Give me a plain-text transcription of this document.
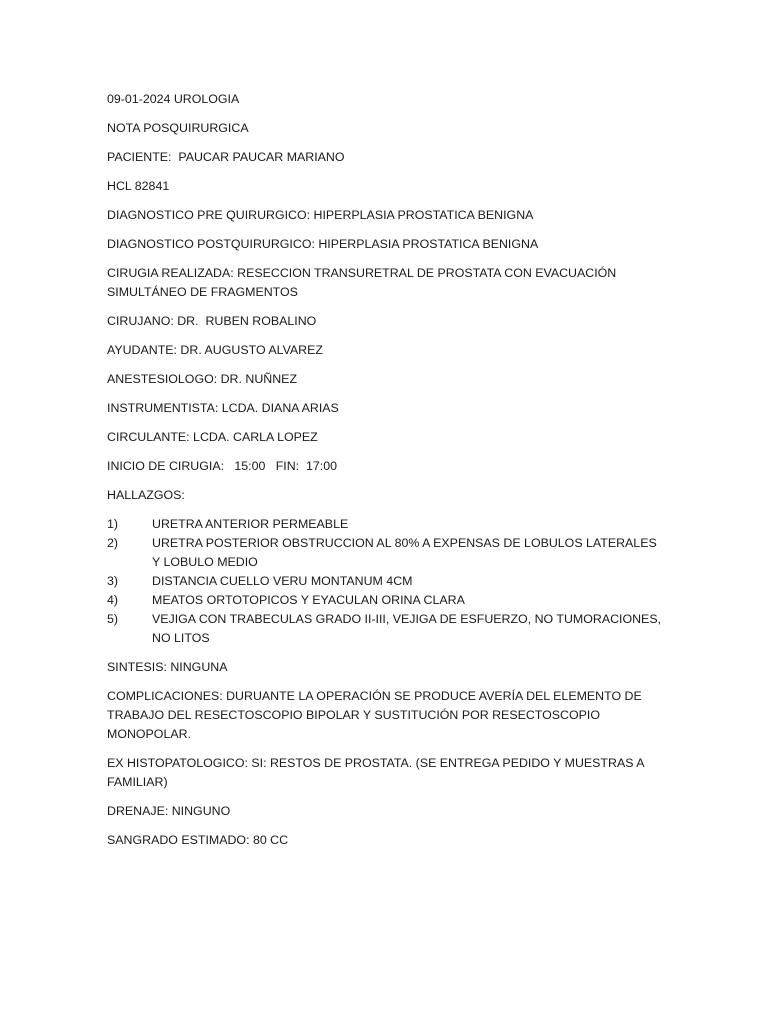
09-01-2024 UROLOGIA

NOTA POSQUIRURGICA

PACIENTE:  PAUCAR PAUCAR MARIANO

HCL 82841

DIAGNOSTICO PRE QUIRURGICO: HIPERPLASIA PROSTATICA BENIGNA

DIAGNOSTICO POSTQUIRURGICO: HIPERPLASIA PROSTATICA BENIGNA

CIRUGIA REALIZADA: RESECCION TRANSURETRAL DE PROSTATA CON EVACUACIÓN SIMULTÁNEO DE FRAGMENTOS

CIRUJANO: DR.  RUBEN ROBALINO

AYUDANTE: DR. AUGUSTO ALVAREZ

ANESTESIOLOGO: DR. NUÑNEZ

INSTRUMENTISTA: LCDA. DIANA ARIAS

CIRCULANTE: LCDA. CARLA LOPEZ

INICIO DE CIRUGIA:   15:00   FIN:  17:00

HALLAZGOS:

1)	URETRA ANTERIOR PERMEABLE
2)	URETRA POSTERIOR OBSTRUCCION AL 80% A EXPENSAS DE LOBULOS LATERALES Y LOBULO MEDIO
3)	DISTANCIA CUELLO VERU MONTANUM 4CM
4)	MEATOS ORTOTOPICOS Y EYACULAN ORINA CLARA
5)	VEJIGA CON TRABECULAS GRADO II-III, VEJIGA DE ESFUERZO, NO TUMORACIONES, NO LITOS

SINTESIS: NINGUNA

COMPLICACIONES: DURUANTE LA OPERACIÓN SE PRODUCE AVERÍA DEL ELEMENTO DE TRABAJO DEL RESECTOSCOPIO BIPOLAR Y SUSTITUCIÓN POR RESECTOSCOPIO MONOPOLAR.

EX HISTOPATOLOGICO: SI: RESTOS DE PROSTATA. (SE ENTREGA PEDIDO Y MUESTRAS A FAMILIAR)

DRENAJE: NINGUNO

SANGRADO ESTIMADO: 80 CC
